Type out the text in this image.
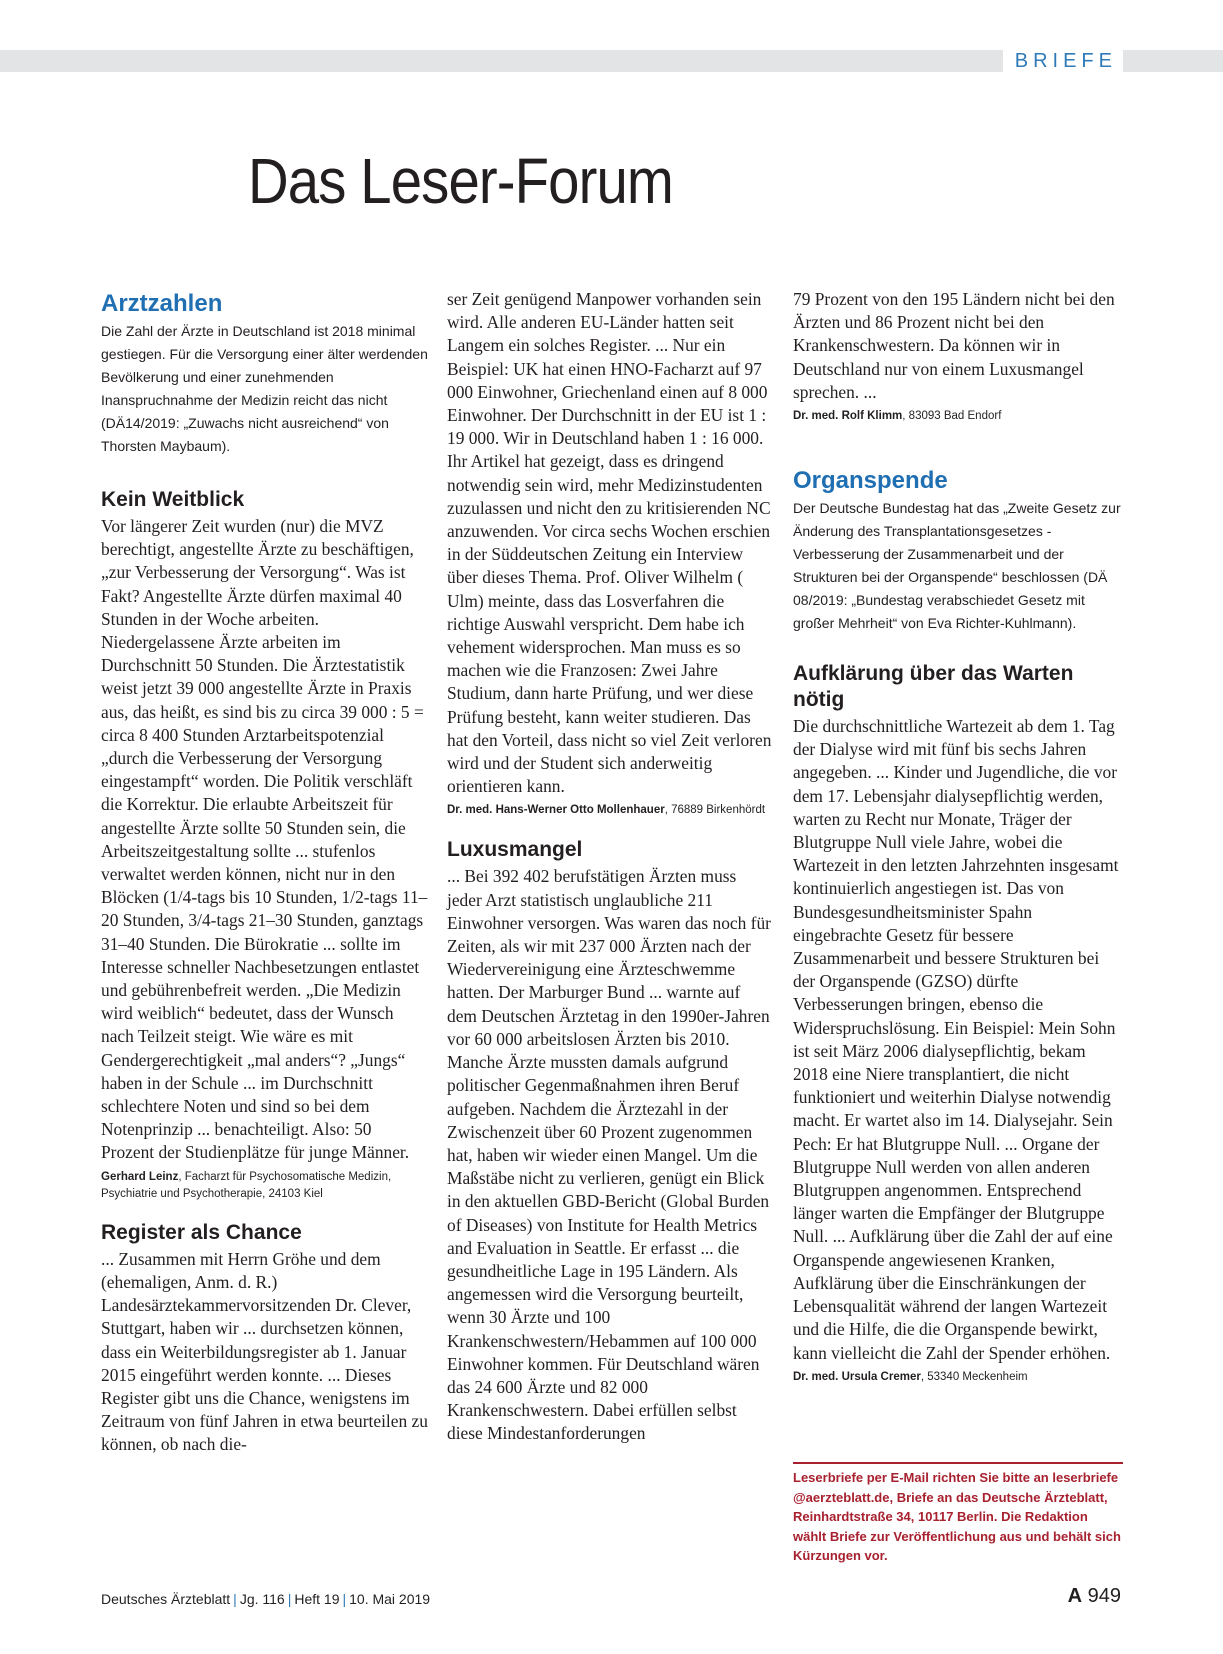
BRIEFE
Das Leser-Forum
Arztzahlen

Die Zahl der Ärzte in Deutschland ist 2018 minimal gestiegen. Für die Versorgung einer älter werdenden Bevölkerung und einer zunehmenden Inanspruchnahme der Medizin reicht das nicht (DÄ14/2019: „Zuwachs nicht ausreichend“ von Thorsten Maybaum).

Kein Weitblick

Vor längerer Zeit wurden (nur) die MVZ berechtigt, angestellte Ärzte zu beschäftigen, „zur Verbesserung der Versorgung“. Was ist Fakt? Angestellte Ärzte dürfen maximal 40 Stunden in der Woche arbeiten. Niedergelassene Ärzte arbeiten im Durchschnitt 50 Stunden. Die Ärztestatistik weist jetzt 39 000 angestellte Ärzte in Praxis aus, das heißt, es sind bis zu circa 39 000 : 5 = circa 8 400 Stunden Arztarbeitspotenzial „durch die Verbesserung der Versorgung eingestampft“ worden. Die Politik verschläft die Korrektur. Die erlaubte Arbeitszeit für angestellte Ärzte sollte 50 Stunden sein, die Arbeitszeitgestaltung sollte ... stufenlos verwaltet werden können, nicht nur in den Blöcken (1/4-tags bis 10 Stunden, 1/2-tags 11–20 Stunden, 3/4-tags 21–30 Stunden, ganztags 31–40 Stunden. Die Bürokratie ... sollte im Interesse schneller Nachbesetzungen entlastet und gebührenbefreit werden. „Die Medizin wird weiblich“ bedeutet, dass der Wunsch nach Teilzeit steigt. Wie wäre es mit Gendergerechtigkeit „mal anders“? „Jungs“ haben in der Schule ... im Durchschnitt schlechtere Noten und sind so bei dem Notenprinzip ... benachteiligt. Also: 50 Prozent der Studienplätze für junge Männer.

Gerhard Leinz, Facharzt für Psychosomatische Medizin, Psychiatrie und Psychotherapie, 24103 Kiel

Register als Chance

... Zusammen mit Herrn Gröhe und dem (ehemaligen, Anm. d. R.) Landesärztekammervorsitzenden Dr. Clever, Stuttgart, haben wir ... durchsetzen können, dass ein Weiterbildungsregister ab 1. Januar 2015 eingeführt werden konnte. ... Dieses Register gibt uns die Chance, wenigstens im Zeitraum von fünf Jahren in etwa beurteilen zu können, ob nach die-

ser Zeit genügend Manpower vorhanden sein wird. Alle anderen EU-Länder hatten seit Langem ein solches Register. ... Nur ein Beispiel: UK hat einen HNO-Facharzt auf 97 000 Einwohner, Griechenland einen auf 8 000 Einwohner. Der Durchschnitt in der EU ist 1 : 19 000. Wir in Deutschland haben 1 : 16 000. Ihr Artikel hat gezeigt, dass es dringend notwendig sein wird, mehr Medizinstudenten zuzulassen und nicht den zu kritisierenden NC anzuwenden. Vor circa sechs Wochen erschien in der Süddeutschen Zeitung ein Interview über dieses Thema. Prof. Oliver Wilhelm ( Ulm) meinte, dass das Losverfahren die richtige Auswahl verspricht. Dem habe ich vehement widersprochen. Man muss es so machen wie die Franzosen: Zwei Jahre Studium, dann harte Prüfung, und wer diese Prüfung besteht, kann weiter studieren. Das hat den Vorteil, dass nicht so viel Zeit verloren wird und der Student sich anderweitig orientieren kann.

Dr. med. Hans-Werner Otto Mollenhauer, 76889 Birkenhördt

Luxusmangel

... Bei 392 402 berufstätigen Ärzten muss jeder Arzt statistisch unglaubliche 211 Einwohner versorgen. Was waren das noch für Zeiten, als wir mit 237 000 Ärzten nach der Wiedervereinigung eine Ärzteschwemme hatten. Der Marburger Bund ... warnte auf dem Deutschen Ärztetag in den 1990er-Jahren vor 60 000 arbeitslosen Ärzten bis 2010. Manche Ärzte mussten damals aufgrund politischer Gegenmaßnahmen ihren Beruf aufgeben. Nachdem die Ärztezahl in der Zwischenzeit über 60 Prozent zugenommen hat, haben wir wieder einen Mangel. Um die Maßstäbe nicht zu verlieren, genügt ein Blick in den aktuellen GBD-Bericht (Global Burden of Diseases) von Institute for Health Metrics and Evaluation in Seattle. Er erfasst ... die gesundheitliche Lage in 195 Ländern. Als angemessen wird die Versorgung beurteilt, wenn 30 Ärzte und 100 Krankenschwestern/Hebammen auf 100 000 Einwohner kommen. Für Deutschland wären das 24 600 Ärzte und 82 000 Krankenschwestern. Dabei erfüllen selbst diese Mindestanforderungen

79 Prozent von den 195 Ländern nicht bei den Ärzten und 86 Prozent nicht bei den Krankenschwestern. Da können wir in Deutschland nur von einem Luxusmangel sprechen. ...

Dr. med. Rolf Klimm, 83093 Bad Endorf

Organspende

Der Deutsche Bundestag hat das „Zweite Gesetz zur Änderung des Transplantationsgesetzes - Verbesserung der Zusammenarbeit und der Strukturen bei der Organspende“ beschlossen (DÄ 08/2019: „Bundestag verabschiedet Gesetz mit großer Mehrheit“ von Eva Richter-Kuhlmann).

Aufklärung über das Warten nötig

Die durchschnittliche Wartezeit ab dem 1. Tag der Dialyse wird mit fünf bis sechs Jahren angegeben. ... Kinder und Jugendliche, die vor dem 17. Lebensjahr dialysepflichtig werden, warten zu Recht nur Monate, Träger der Blutgruppe Null viele Jahre, wobei die Wartezeit in den letzten Jahrzehnten insgesamt kontinuierlich angestiegen ist. Das von Bundesgesundheitsminister Spahn eingebrachte Gesetz für bessere Zusammenarbeit und bessere Strukturen bei der Organspende (GZSO) dürfte Verbesserungen bringen, ebenso die Widerspruchslösung. Ein Beispiel: Mein Sohn ist seit März 2006 dialysepflichtig, bekam 2018 eine Niere transplantiert, die nicht funktioniert und weiterhin Dialyse notwendig macht. Er wartet also im 14. Dialysejahr. Sein Pech: Er hat Blutgruppe Null. ... Organe der Blutgruppe Null werden von allen anderen Blutgruppen angenommen. Entsprechend länger warten die Empfänger der Blutgruppe Null. ... Aufklärung über die Zahl der auf eine Organspende angewiesenen Kranken, Aufklärung über die Einschränkungen der Lebensqualität während der langen Wartezeit und die Hilfe, die die Organspende bewirkt, kann vielleicht die Zahl der Spender erhöhen.

Dr. med. Ursula Cremer, 53340 Meckenheim

Leserbriefe per E-Mail richten Sie bitte an leserbriefe @aerzteblatt.de, Briefe an das Deutsche Ärzteblatt, Reinhardtstraße 34, 10117 Berlin. Die Redaktion wählt Briefe zur Veröffentlichung aus und behält sich Kürzungen vor.
Deutsches Ärzteblatt | Jg. 116 | Heft 19 | 10. Mai 2019	A 949
